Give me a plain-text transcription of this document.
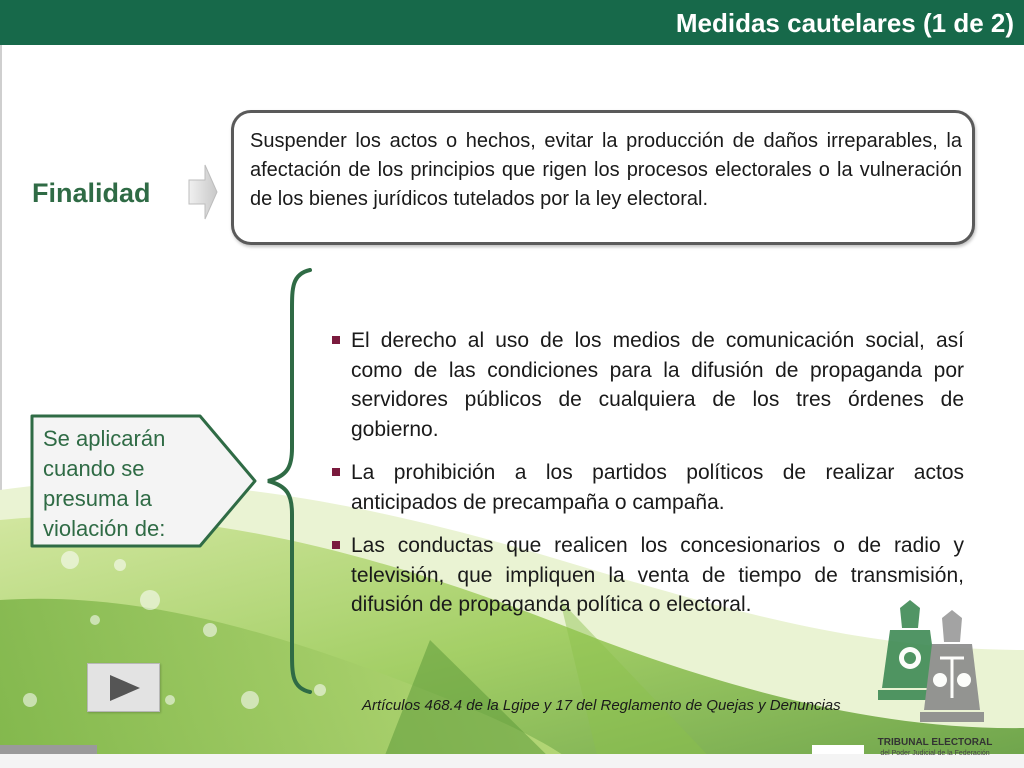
Medidas cautelares (1 de 2)
Finalidad
Suspender los actos o hechos, evitar la producción de daños irreparables, la afectación de los principios que rigen los procesos electorales o la vulneración de los bienes jurídicos tutelados por la ley electoral.
Se aplicarán cuando se presuma la violación de:
El derecho al uso de los medios de comunicación social, así como de las condiciones para la difusión de propaganda por servidores públicos de cualquiera de los tres órdenes de gobierno.
La prohibición a los partidos políticos de realizar actos anticipados de precampaña o campaña.
Las conductas que realicen los concesionarios o de radio y televisión, que impliquen la venta de tiempo de transmisión, difusión de propaganda política o electoral.
Artículos 468.4 de la Lgipe y 17 del Reglamento de Quejas y Denuncias
TRIBUNAL ELECTORAL
del Poder Judicial de la Federación
